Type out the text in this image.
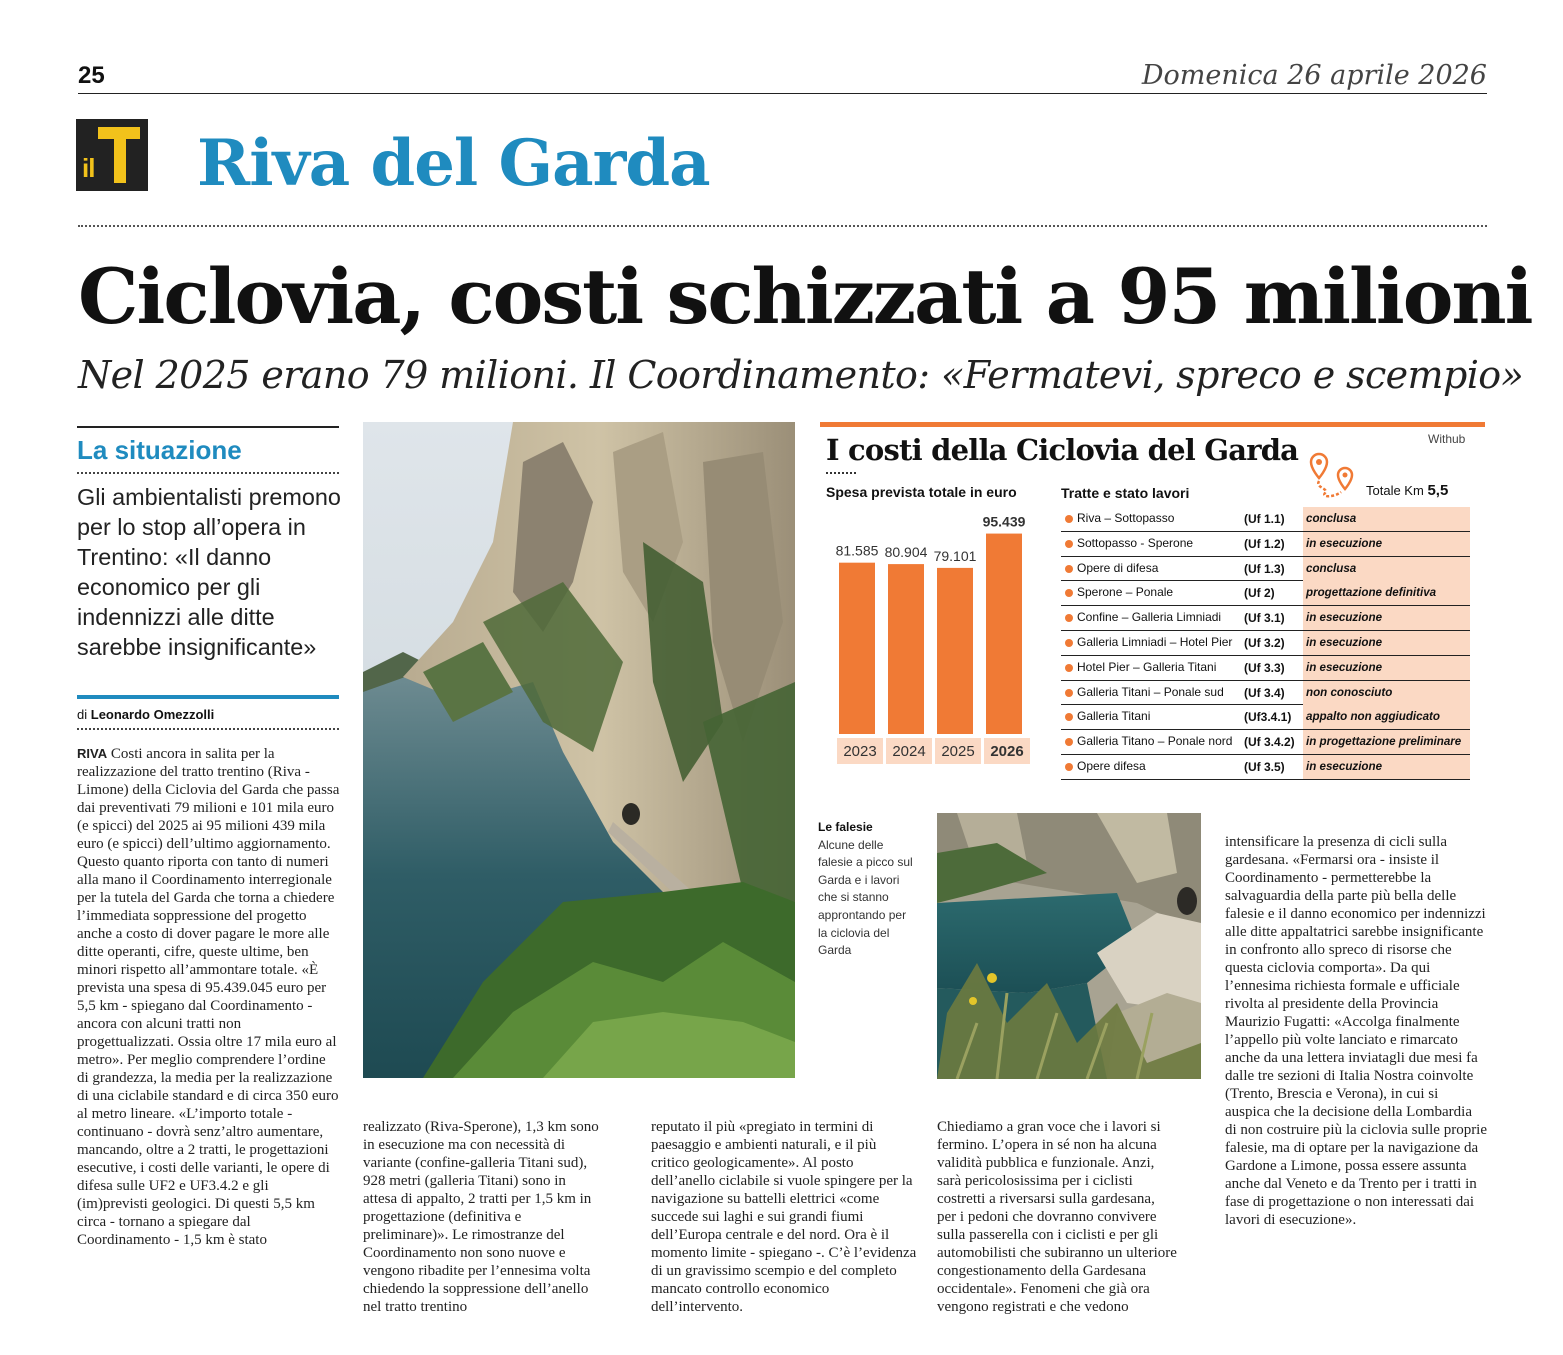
25	Domenica 26 aprile 2026
il Riva del Garda
Ciclovia, costi schizzati a 95 milioni
Nel 2025 erano 79 milioni. Il Coordinamento: «Fermatevi, spreco e scempio»
La situazione
Gli ambientalisti premono per lo stop all’opera in Trentino: «Il danno economico per gli indennizzi alle ditte sarebbe insignificante»
di Leonardo Omezzolli
RIVA Costi ancora in salita per la realizzazione del tratto trentino (Riva - Limone) della Ciclovia del Garda che passa dai preventivati 79 milioni e 101 mila euro (e spicci) del 2025 ai 95 milioni 439 mila euro (e spicci) dell’ultimo aggiornamento. Questo quanto riporta con tanto di numeri alla mano il Coordinamento interregionale per la tutela del Garda che torna a chiedere l’immediata soppressione del progetto anche a costo di dover pagare le more alle ditte operanti, cifre, queste ultime, ben minori rispetto all’ammontare totale. «È prevista una spesa di 95.439.045 euro per 5,5 km - spiegano dal Coordinamento - ancora con alcuni tratti non progettualizzati. Ossia oltre 17 mila euro al metro». Per meglio comprendere l’ordine di grandezza, la media per la realizzazione di una ciclabile standard e di circa 350 euro al metro lineare. «L’importo totale - continuano - dovrà senz’altro aumentare, mancando, oltre a 2 tratti, le progettazioni esecutive, i costi delle varianti, le opere di difesa sulle UF2 e UF3.4.2 e gli (im)previsti geologici. Di questi 5,5 km circa - tornano a spiegare dal Coordinamento - 1,5 km è stato
realizzato (Riva-Sperone), 1,3 km sono in esecuzione ma con necessità di variante (confine-galleria Titani sud), 928 metri (galleria Titani) sono in attesa di appalto, 2 tratti per 1,5 km in progettazione (definitiva e preliminare)». Le rimostranze del Coordinamento non sono nuove e vengono ribadite per l’ennesima volta chiedendo la soppressione dell’anello nel tratto trentino
reputato il più «pregiato in termini di paesaggio e ambienti naturali, e il più critico geologicamente». Al posto dell’anello ciclabile si vuole spingere per la navigazione su battelli elettrici «come succede sui laghi e sui grandi fiumi dell’Europa centrale e del nord. Ora è il momento limite - spiegano -. C’è l’evidenza di un gravissimo scempio e del completo mancato controllo economico dell’intervento.
Chiediamo a gran voce che i lavori si fermino. L’opera in sé non ha alcuna validità pubblica e funzionale. Anzi, sarà pericolosissima per i ciclisti costretti a riversarsi sulla gardesana, per i pedoni che dovranno convivere sulla passerella con i ciclisti e per gli automobilisti che subiranno un ulteriore congestionamento della Gardesana occidentale». Fenomeni che già ora vengono registrati e che vedono
intensificare la presenza di cicli sulla gardesana. «Fermarsi ora - insiste il Coordinamento - permetterebbe la salvaguardia della parte più bella delle falesie e il danno economico per indennizzi alle ditte appaltatrici sarebbe insignificante in confronto allo spreco di risorse che questa ciclovia comporta». Da qui l’ennesima richiesta formale e ufficiale rivolta al presidente della Provincia Maurizio Fugatti: «Accolga finalmente l’appello più volte lanciato e rimarcato anche da una lettera inviatagli due mesi fa dalle tre sezioni di Italia Nostra coinvolte (Trento, Brescia e Verona), in cui si auspica che la decisione della Lombardia di non costruire più la ciclovia sulle proprie falesie, ma di optare per la navigazione da Gardone a Limone, possa essere assunta anche dal Veneto e da Trento per i tratti in fase di progettazione o non interessati dai lavori di esecuzione».
Le falesie
Alcune delle falesie a picco sul Garda e i lavori che si stanno approntando per la ciclovia del Garda
Withub
I costi della Ciclovia del Garda
Spesa prevista totale in euro
81.585
2023
80.904
2024
79.101
2025
95.439
2026
Tratte e stato lavori	Totale Km 5,5
Riva – Sottopasso	(Uf 1.1) conclusa
Sottopasso - Sperone	(Uf 1.2) in esecuzione
Opere di difesa	(Uf 1.3) conclusa
Sperone – Ponale	(Uf 2)	progettazione definitiva
Confine – Galleria Limniadi (Uf 3.1) in esecuzione
Galleria Limniadi – Hotel Pier (Uf 3.2) in esecuzione
Hotel Pier – Galleria Titani (Uf 3.3) in esecuzione
Galleria Titani – Ponale sud (Uf 3.4) non conosciuto
Galleria Titani	(Uf3.4.1) appalto non aggiudicato
Galleria Titano – Ponale nord (Uf 3.4.2) in progettazione preliminare
Opere difesa	(Uf 3.5) in esecuzione
